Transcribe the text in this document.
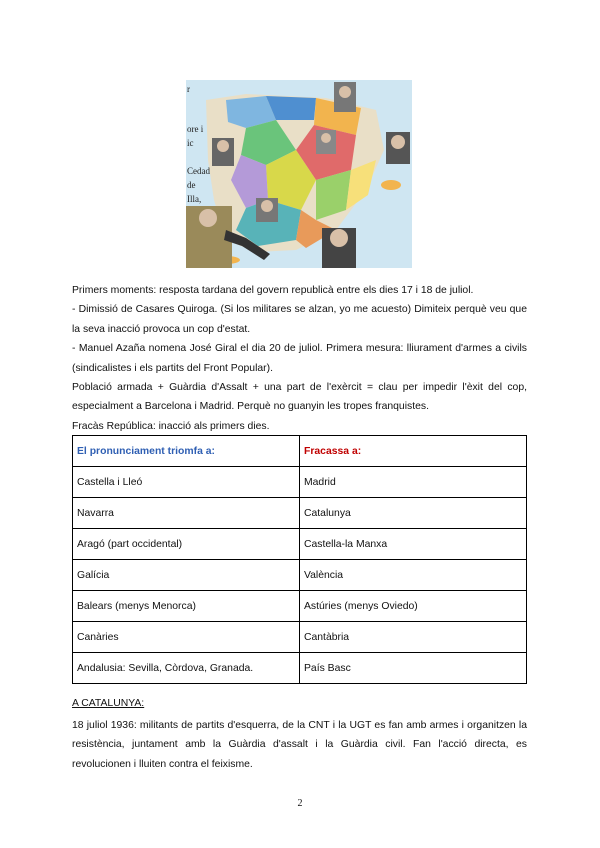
r
ore i
ic
Cedad
de
Illa,

Primers moments: resposta tardana del govern republicà entre els dies 17 i 18 de juliol.

- Dimissió de Casares Quiroga. (Si los militares se alzan, yo me acuesto) Dimiteix perquè veu que la seva inacció provoca un cop d'estat.

- Manuel Azaña nomena José Giral el dia 20 de juliol. Primera mesura: lliurament d'armes a civils (sindicalistes i els partits del Front Popular).

Població armada + Guàrdia d'Assalt + una part de l'exèrcit = clau per impedir l'èxit del cop, especialment a Barcelona i Madrid. Perquè no guanyin les tropes franquistes.

Fracàs República: inacció als primers dies.

El pronunciament triomfa a:	Fracassa a:
Castella i Lleó	Madrid
Navarra	Catalunya
Aragó (part occidental)	Castella-la Manxa
Galícia	València
Balears (menys Menorca)	Astúries (menys Oviedo)
Canàries	Cantàbria
Andalusia: Sevilla, Còrdova, Granada.	País Basc
A CATALUNYA:
18 juliol 1936: militants de partits d'esquerra, de la CNT i la UGT es fan amb armes i organitzen la resistència, juntament amb la Guàrdia d'assalt i la Guàrdia civil. Fan l'acció directa, es revolucionen i lluiten contra el feixisme.
2
